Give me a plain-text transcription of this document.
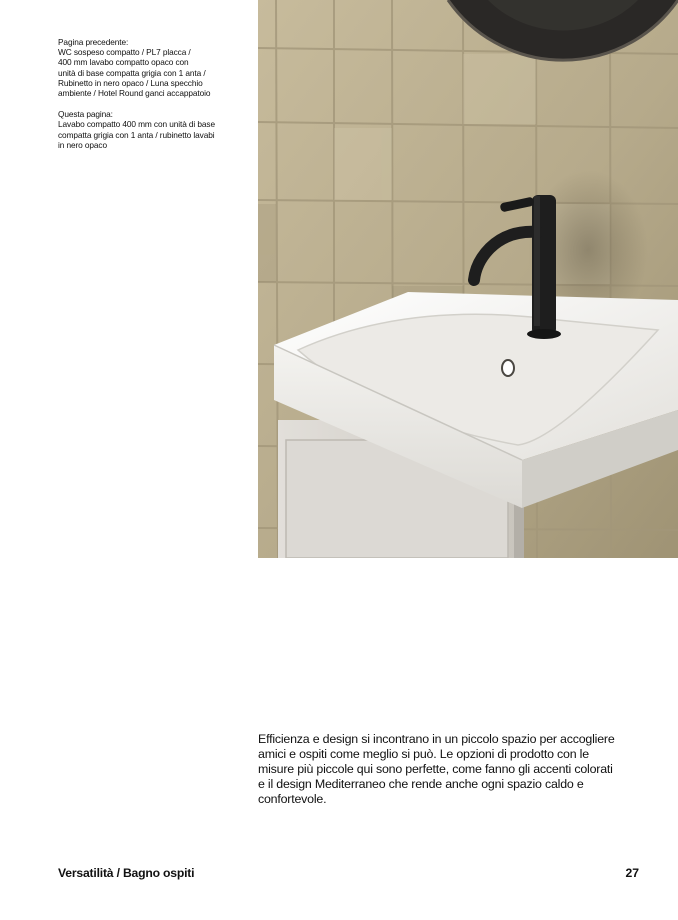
Pagina precedente:

WC sospeso compatto / PL7 placca /

400 mm lavabo compatto opaco con

unità di base compatta grigia con 1 anta /

Rubinetto in nero opaco / Luna specchio

ambiente / Hotel Round ganci accappatoio

Questa pagina:

Lavabo compatto 400 mm con unità di base

compatta grigia con 1 anta / rubinetto lavabi

in nero opaco

Efficienza e design si incontrano in un piccolo spazio per accogliere
amici e ospiti come meglio si può. Le opzioni di prodotto con le
misure più piccole qui sono perfette, come fanno gli accenti colorati
e il design Mediterraneo che rende anche ogni spazio caldo e
confortevole.

Versatilità / Bagno ospiti	27
